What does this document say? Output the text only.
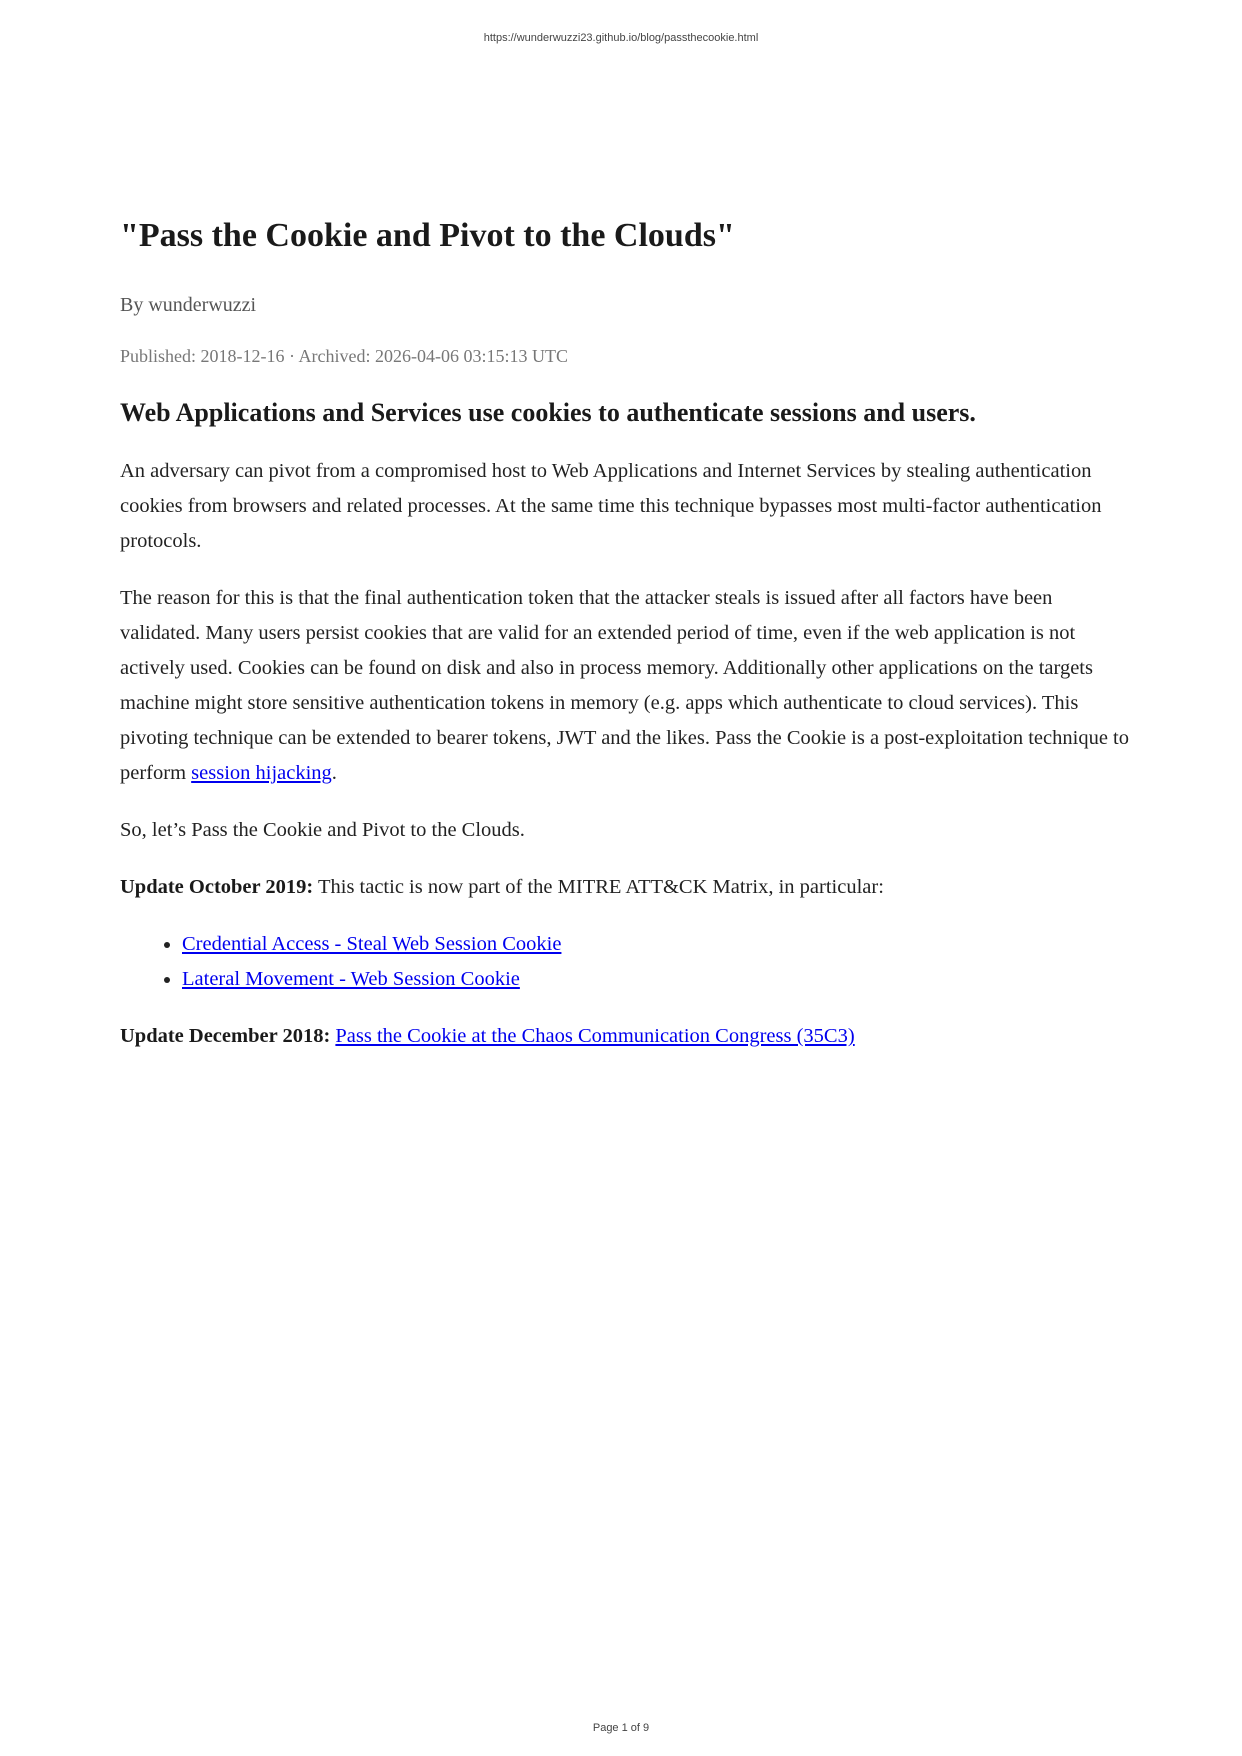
https://wunderwuzzi23.github.io/blog/passthecookie.html
"Pass the Cookie and Pivot to the Clouds"
By wunderwuzzi
Published: 2018-12-16 · Archived: 2026-04-06 03:15:13 UTC
Web Applications and Services use cookies to authenticate sessions and users.

An adversary can pivot from a compromised host to Web Applications and Internet Services by stealing authentication cookies from browsers and related processes. At the same time this technique bypasses most multi-factor authentication protocols.

The reason for this is that the final authentication token that the attacker steals is issued after all factors have been validated. Many users persist cookies that are valid for an extended period of time, even if the web application is not actively used. Cookies can be found on disk and also in process memory. Additionally other applications on the targets machine might store sensitive authentication tokens in memory (e.g. apps which authenticate to cloud services). This pivoting technique can be extended to bearer tokens, JWT and the likes. Pass the Cookie is a post-exploitation technique to perform session hijacking.

So, let’s Pass the Cookie and Pivot to the Clouds.

Update October 2019: This tactic is now part of the MITRE ATT&CK Matrix, in particular:

• Credential Access - Steal Web Session Cookie
• Lateral Movement - Web Session Cookie

Update December 2018: Pass the Cookie at the Chaos Communication Congress (35C3)

Page 1 of 9
